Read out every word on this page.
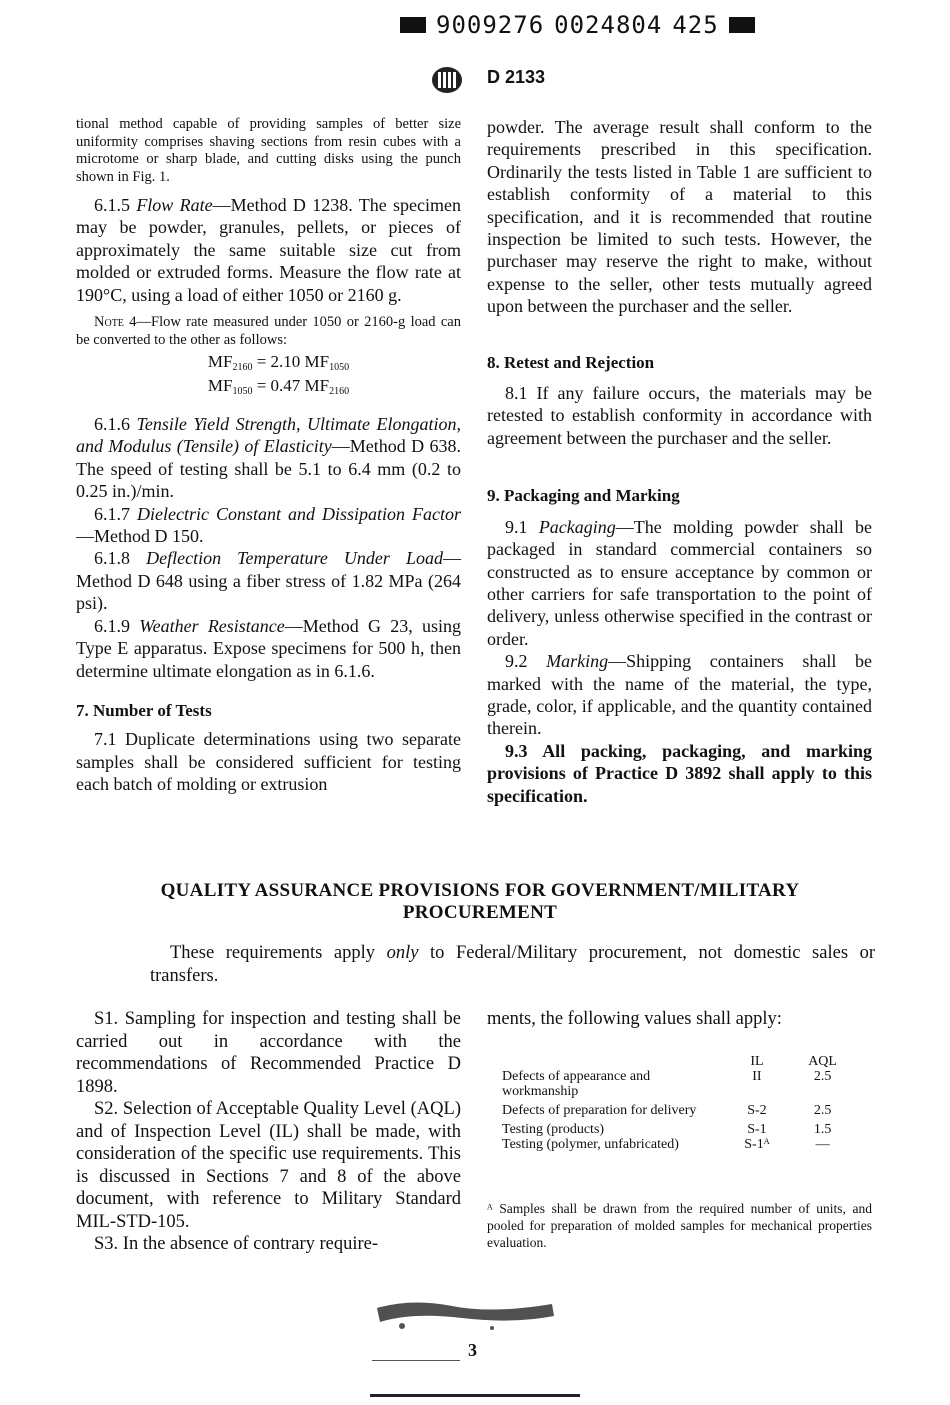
9009276 0024804 425
D 2133

tional method capable of providing samples of better size uniformity comprises shaving sections from resin cubes with a microtome or sharp blade, and cutting disks using the punch shown in Fig. 1.

6.1.5 Flow Rate—Method D 1238. The specimen may be powder, granules, pellets, or pieces of approximately the same suitable size cut from molded or extruded forms. Measure the flow rate at 190°C, using a load of either 1050 or 2160 g.

Note 4—Flow rate measured under 1050 or 2160-g load can be converted to the other as follows:

$MF_{2160} = 2.10$ $MF_{1050}$
$MF_{1050} = 0.47$ $MF_{2160}$

6.1.6 Tensile Yield Strength, Ultimate Elongation, and Modulus (Tensile) of Elasticity—Method D 638. The speed of testing shall be 5.1 to 6.4 mm (0.2 to 0.25 in.)/min.

6.1.7 Dielectric Constant and Dissipation Factor—Method D 150.

6.1.8 Deflection Temperature Under Load—Method D 648 using a fiber stress of 1.82 MPa (264 psi).

6.1.9 Weather Resistance—Method G 23, using Type E apparatus. Expose specimens for 500 h, then determine ultimate elongation as in 6.1.6.

7. Number of Tests

7.1 Duplicate determinations using two separate samples shall be considered sufficient for testing each batch of molding or extrusion

powder. The average result shall conform to the requirements prescribed in this specification. Ordinarily the tests listed in Table 1 are sufficient to establish conformity of a material to this specification, and it is recommended that routine inspection be limited to such tests. However, the purchaser may reserve the right to make, without expense to the seller, other tests mutually agreed upon between the purchaser and the seller.

8. Retest and Rejection

8.1 If any failure occurs, the materials may be retested to establish conformity in accordance with agreement between the purchaser and the seller.

9. Packaging and Marking

9.1 Packaging—The molding powder shall be packaged in standard commercial containers so constructed as to ensure acceptance by common or other carriers for safe transportation to the point of delivery, unless otherwise specified in the contrast or order.

9.2 Marking—Shipping containers shall be marked with the name of the material, the type, grade, color, if applicable, and the quantity contained therein.

9.3 All packing, packaging, and marking provisions of Practice D 3892 shall apply to this specification.

QUALITY ASSURANCE PROVISIONS FOR GOVERNMENT/MILITARY
PROCUREMENT

These requirements apply only to Federal/Military procurement, not domestic sales or transfers.

S1. Sampling for inspection and testing shall be carried out in accordance with the recommendations of Recommended Practice D 1898.

S2. Selection of Acceptable Quality Level (AQL) and of Inspection Level (IL) shall be made, with consideration of the specific use requirements. This is discussed in Sections 7 and 8 of the above document, with reference to Military Standard MIL-STD-105.

S3. In the absence of contrary require-

ments, the following values shall apply:

	IL	AQL
Defects of appearance and workmanship	II	2.5
Defects of preparation for delivery	S-2	2.5
Testing (products)	S-1	1.5
Testing (polymer, unfabricated)	S-1ᴬ	—
ᴬ Samples shall be drawn from the required number of units, and pooled for preparation of molded samples for mechanical properties evaluation.
3
